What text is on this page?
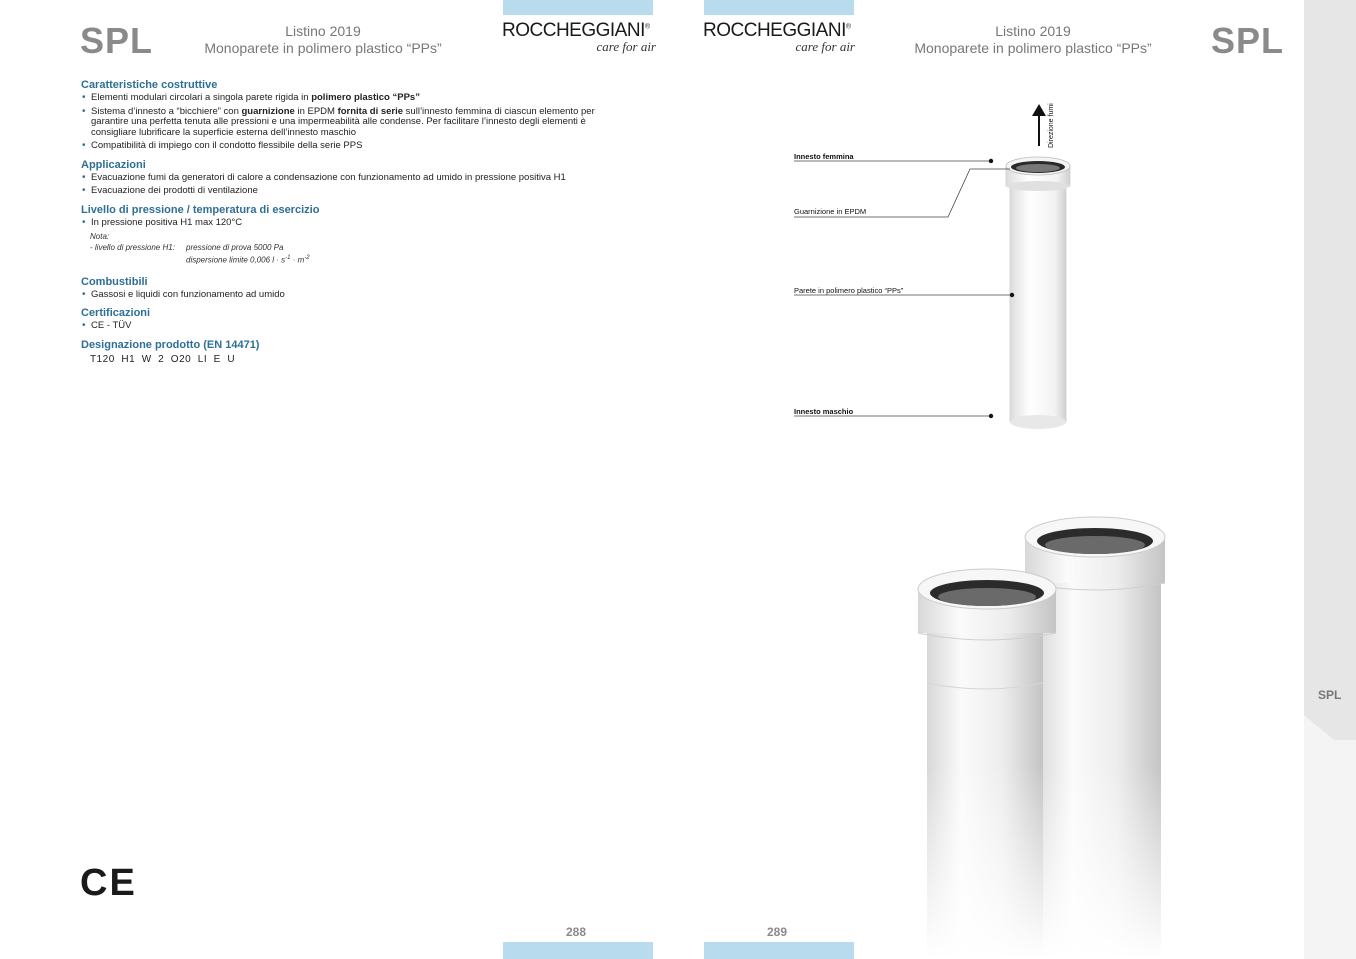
SPL	Listino 2019
Monoparete in polimero plastico “PPs”
ROCCHEGGIANI®
care for air
Caratteristiche costruttive
• Elementi modulari circolari a singola parete rigida in polimero plastico “PPs”
• Sistema d’innesto a “bicchiere” con guarnizione in EPDM fornita di serie sull’innesto femmina di ciascun elemento per garantire una perfetta tenuta alle pressioni e una impermeabilità alle condense. Per facilitare l’innesto degli elementi è consigliare lubrificare la superficie esterna dell’innesto maschio
• Compatibilità di impiego con il condotto flessibile della serie PPS
Applicazioni
• Evacuazione fumi da generatori di calore a condensazione con funzionamento ad umido in pressione positiva H1
• Evacuazione dei prodotti di ventilazione
Livello di pressione / temperatura di esercizio
• In pressione positiva H1 max 120°C
Nota:
- livello di pressione H1:	pressione di prova 5000 Pa
dispersione limite 0,006 $l \cdot s^{-1} \cdot m^{-2}$
Combustibili
• Gassosi e liquidi con funzionamento ad umido
Certificazioni
• CE - TÜV
Designazione prodotto (EN 14471)
T120  H1  W  2  O20  LI  E  U
CE
288
ROCCHEGGIANI®
care for air
Listino 2019
Monoparete in polimero plastico “PPs”	SPL
SPL
Direzione fumi
Innesto femmina
Guarnizione in EPDM
Parete in polimero plastico “PPs”
Innesto maschio
289
